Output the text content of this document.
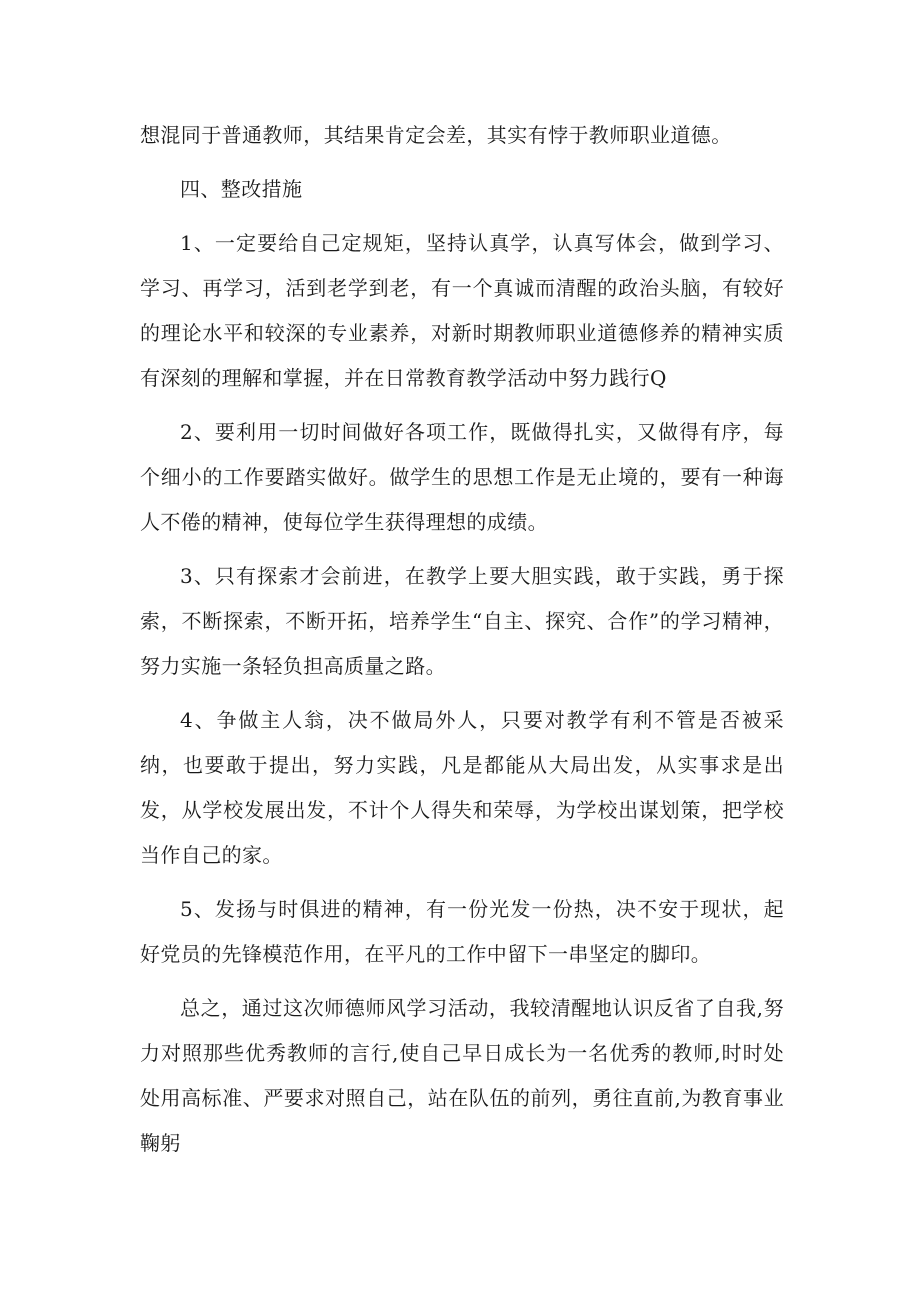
想混同于普通教师，其结果肯定会差，其实有悖于教师职业道德。

四、整改措施

1、一定要给自己定规矩，坚持认真学，认真写体会，做到学习、学习、再学习，活到老学到老，有一个真诚而清醒的政治头脑，有较好的理论水平和较深的专业素养，对新时期教师职业道德修养的精神实质有深刻的理解和掌握，并在日常教育教学活动中努力践行Q

2、要利用一切时间做好各项工作，既做得扎实，又做得有序，每个细小的工作要踏实做好。做学生的思想工作是无止境的，要有一种诲人不倦的精神，使每位学生获得理想的成绩。

3、只有探索才会前进，在教学上要大胆实践，敢于实践，勇于探索，不断探索，不断开拓，培养学生“自主、探究、合作”的学习精神，努力实施一条轻负担高质量之路。

4、争做主人翁，决不做局外人，只要对教学有利不管是否被采纳，也要敢于提出，努力实践，凡是都能从大局出发，从实事求是出发，从学校发展出发，不计个人得失和荣辱，为学校出谋划策，把学校当作自己的家。

5、发扬与时俱进的精神，有一份光发一份热，决不安于现状，起好党员的先锋模范作用，在平凡的工作中留下一串坚定的脚印。

总之，通过这次师德师风学习活动，我较清醒地认识反省了自我,努力对照那些优秀教师的言行,使自己早日成长为一名优秀的教师,时时处处用高标准、严要求对照自己，站在队伍的前列，勇往直前,为教育事业鞠躬
